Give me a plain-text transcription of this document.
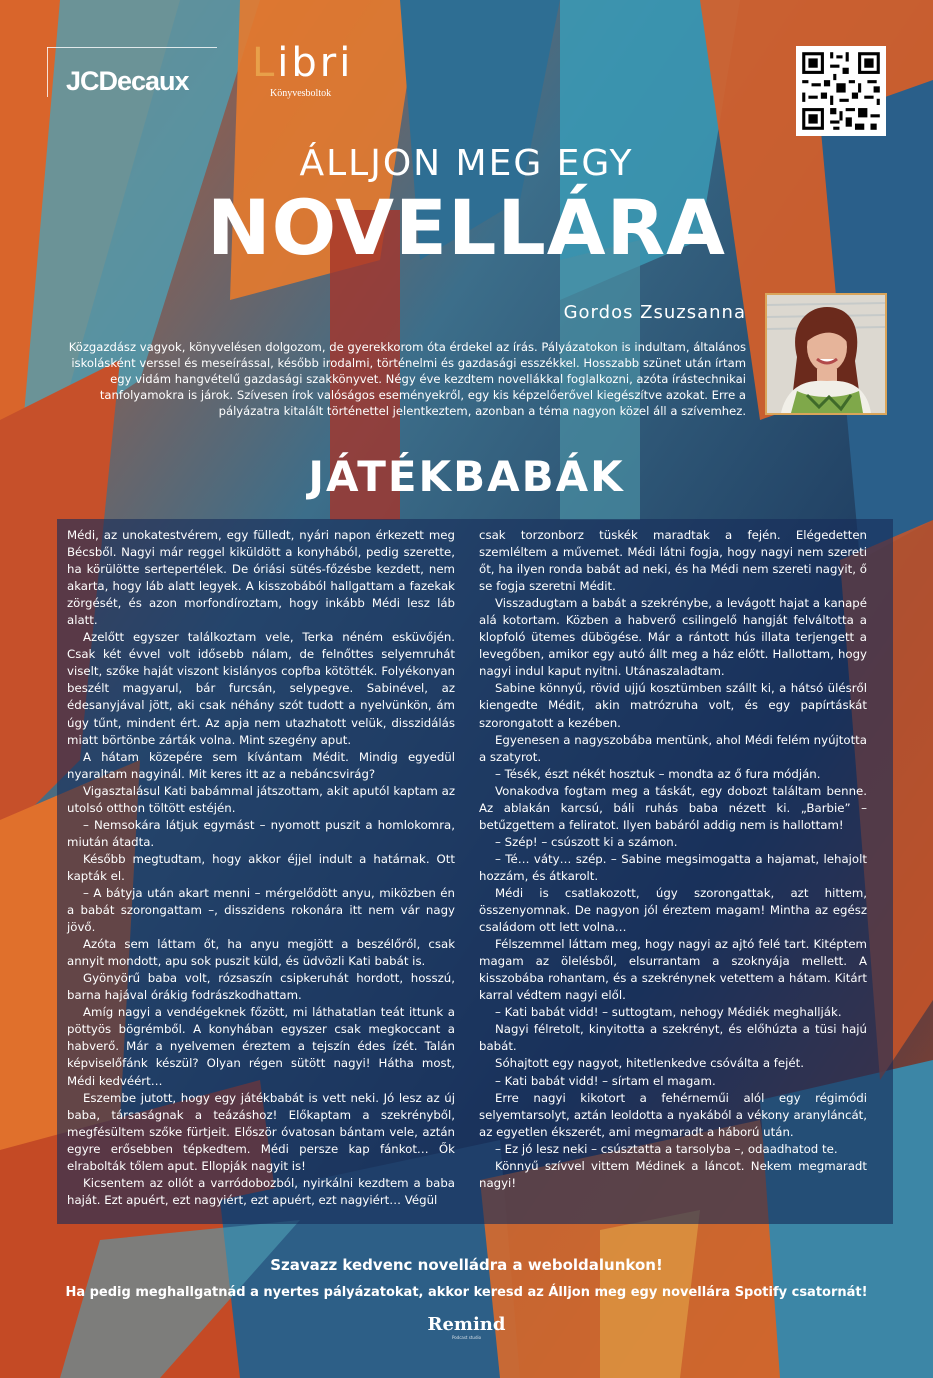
JCDecaux Libri
Könyvesboltok
ÁLLJON MEG EGY
NOVELLÁRA
Gordos Zsuzsanna
Közgazdász vagyok, könyvelésen dolgozom, de gyerekkorom óta érdekel az írás. Pályázatokon is indultam, általános iskolásként verssel és meseírással, később irodalmi, történelmi és gazdasági esszékkel. Hosszabb szünet után írtam egy vidám hangvételű gazdasági szakkönyvet. Négy éve kezdtem novellákkal foglalkozni, azóta írástechnikai tanfolyamokra is járok. Szívesen írok valóságos eseményekről, egy kis képzelőerővel kiegészítve azokat. Erre a pályázatra kitalált történettel jelentkeztem, azonban a téma nagyon közel áll a szívemhez.
JÁTÉKBABÁK

Médi, az unokatestvérem, egy fülledt, nyári napon érkezett meg Bécsből. Nagyi már reggel kiküldött a konyhából, pedig szerette, ha körülötte sertepertélek. De óriási sütés-főzésbe kezdett, nem akarta, hogy láb alatt legyek. A kisszobából hallgattam a fazekak zörgését, és azon morfondíroztam, hogy inkább Médi lesz láb alatt.

Azelőtt egyszer találkoztam vele, Terka néném esküvőjén. Csak két évvel volt idősebb nálam, de felnőttes selyemruhát viselt, szőke haját viszont kislányos copfba kötötték. Folyékonyan beszélt magyarul, bár furcsán, selypegve. Sabinével, az édesanyjával jött, aki csak néhány szót tudott a nyelvünkön, ám úgy tűnt, mindent ért. Az apja nem utazhatott velük, disszidálás miatt börtönbe zárták volna. Mint szegény aput.

A hátam közepére sem kívántam Médit. Mindig egyedül nyaraltam nagyinál. Mit keres itt az a nebáncsvirág?

Vigasztalásul Kati babámmal játszottam, akit aputól kaptam az utolsó otthon töltött estéjén.

– Nemsokára látjuk egymást – nyomott puszit a homlokomra, miután átadta.

Később megtudtam, hogy akkor éjjel indult a határnak. Ott kapták el.

– A bátyja után akart menni – mérgelődött anyu, miközben én a babát szorongattam –, disszidens rokonára itt nem vár nagy jövő.

Azóta sem láttam őt, ha anyu megjött a beszélőről, csak annyit mondott, apu sok puszit küld, és üdvözli Kati babát is.

Gyönyörű baba volt, rózsaszín csipkeruhát hordott, hosszú, barna hajával órákig fodrászkodhattam.

Amíg nagyi a vendégeknek főzött, mi láthatatlan teát ittunk a pöttyös bögrémből. A konyhában egyszer csak megkoccant a habverő. Már a nyelvemen éreztem a tejszín édes ízét. Talán képviselőfánk készül? Olyan régen sütött nagyi! Hátha most, Médi kedvéért…

Eszembe jutott, hogy egy játékbabát is vett neki. Jó lesz az új baba, társaságnak a teázáshoz! Előkaptam a szekrényből, megfésültem szőke fürtjeit. Először óvatosan bántam vele, aztán egyre erősebben tépkedtem. Médi persze kap fánkot… Ők elrabolták tőlem aput. Ellopják nagyit is!

Kicsentem az ollót a varródobozból, nyirkálni kezdtem a baba haját. Ezt apuért, ezt nagyiért, ezt apuért, ezt nagyiért… Végül

csak torzonborz tüskék maradtak a fején. Elégedetten szemléltem a művemet. Médi látni fogja, hogy nagyi nem szereti őt, ha ilyen ronda babát ad neki, és ha Médi nem szereti nagyit, ő se fogja szeretni Médit.

Visszadugtam a babát a szekrénybe, a levágott hajat a kanapé alá kotortam. Közben a habverő csilingelő hangját felváltotta a klopfoló ütemes dübögése. Már a rántott hús illata terjengett a levegőben, amikor egy autó állt meg a ház előtt. Hallottam, hogy nagyi indul kaput nyitni. Utánaszaladtam.

Sabine könnyű, rövid ujjú kosztümben szállt ki, a hátsó ülésről kiengedte Médit, akin matrózruha volt, és egy papírtáskát szorongatott a kezében.

Egyenesen a nagyszobába mentünk, ahol Médi felém nyújtotta a szatyrot.

– Tésék, észt nékét hosztuk – mondta az ő fura módján.

Vonakodva fogtam meg a táskát, egy dobozt találtam benne. Az ablakán karcsú, báli ruhás baba nézett ki. „Barbie” – betűzgettem a feliratot. Ilyen babáról addig nem is hallottam!

– Szép! – csúszott ki a számon.

– Té… váty… szép. – Sabine megsimogatta a hajamat, lehajolt hozzám, és átkarolt.

Médi is csatlakozott, úgy szorongattak, azt hittem, összenyomnak. De nagyon jól éreztem magam! Mintha az egész családom ott lett volna…

Félszemmel láttam meg, hogy nagyi az ajtó felé tart. Kitéptem magam az ölelésből, elsurrantam a szoknyája mellett. A kisszobába rohantam, és a szekrénynek vetettem a hátam. Kitárt karral védtem nagyi elől.

– Kati babát vidd! – suttogtam, nehogy Médiék meghallják.

Nagyi félretolt, kinyitotta a szekrényt, és előhúzta a tüsi hajú babát.

Sóhajtott egy nagyot, hitetlenkedve csóválta a fejét.

– Kati babát vidd! – sírtam el magam.

Erre nagyi kikotort a fehérneműi alól egy régimódi selyemtarsolyt, aztán leoldotta a nyakából a vékony aranyláncát, az egyetlen ékszerét, ami megmaradt a háború után.

– Ez jó lesz neki – csúsztatta a tarsolyba –, odaadhatod te.

Könnyű szívvel vittem Médinek a láncot. Nekem megmaradt nagyi!

Szavazz kedvenc novelládra a weboldalunkon!
Ha pedig meghallgatnád a nyertes pályázatokat, akkor keresd az Álljon meg egy novellára Spotify csatornát!
Remind
Podcast studio
